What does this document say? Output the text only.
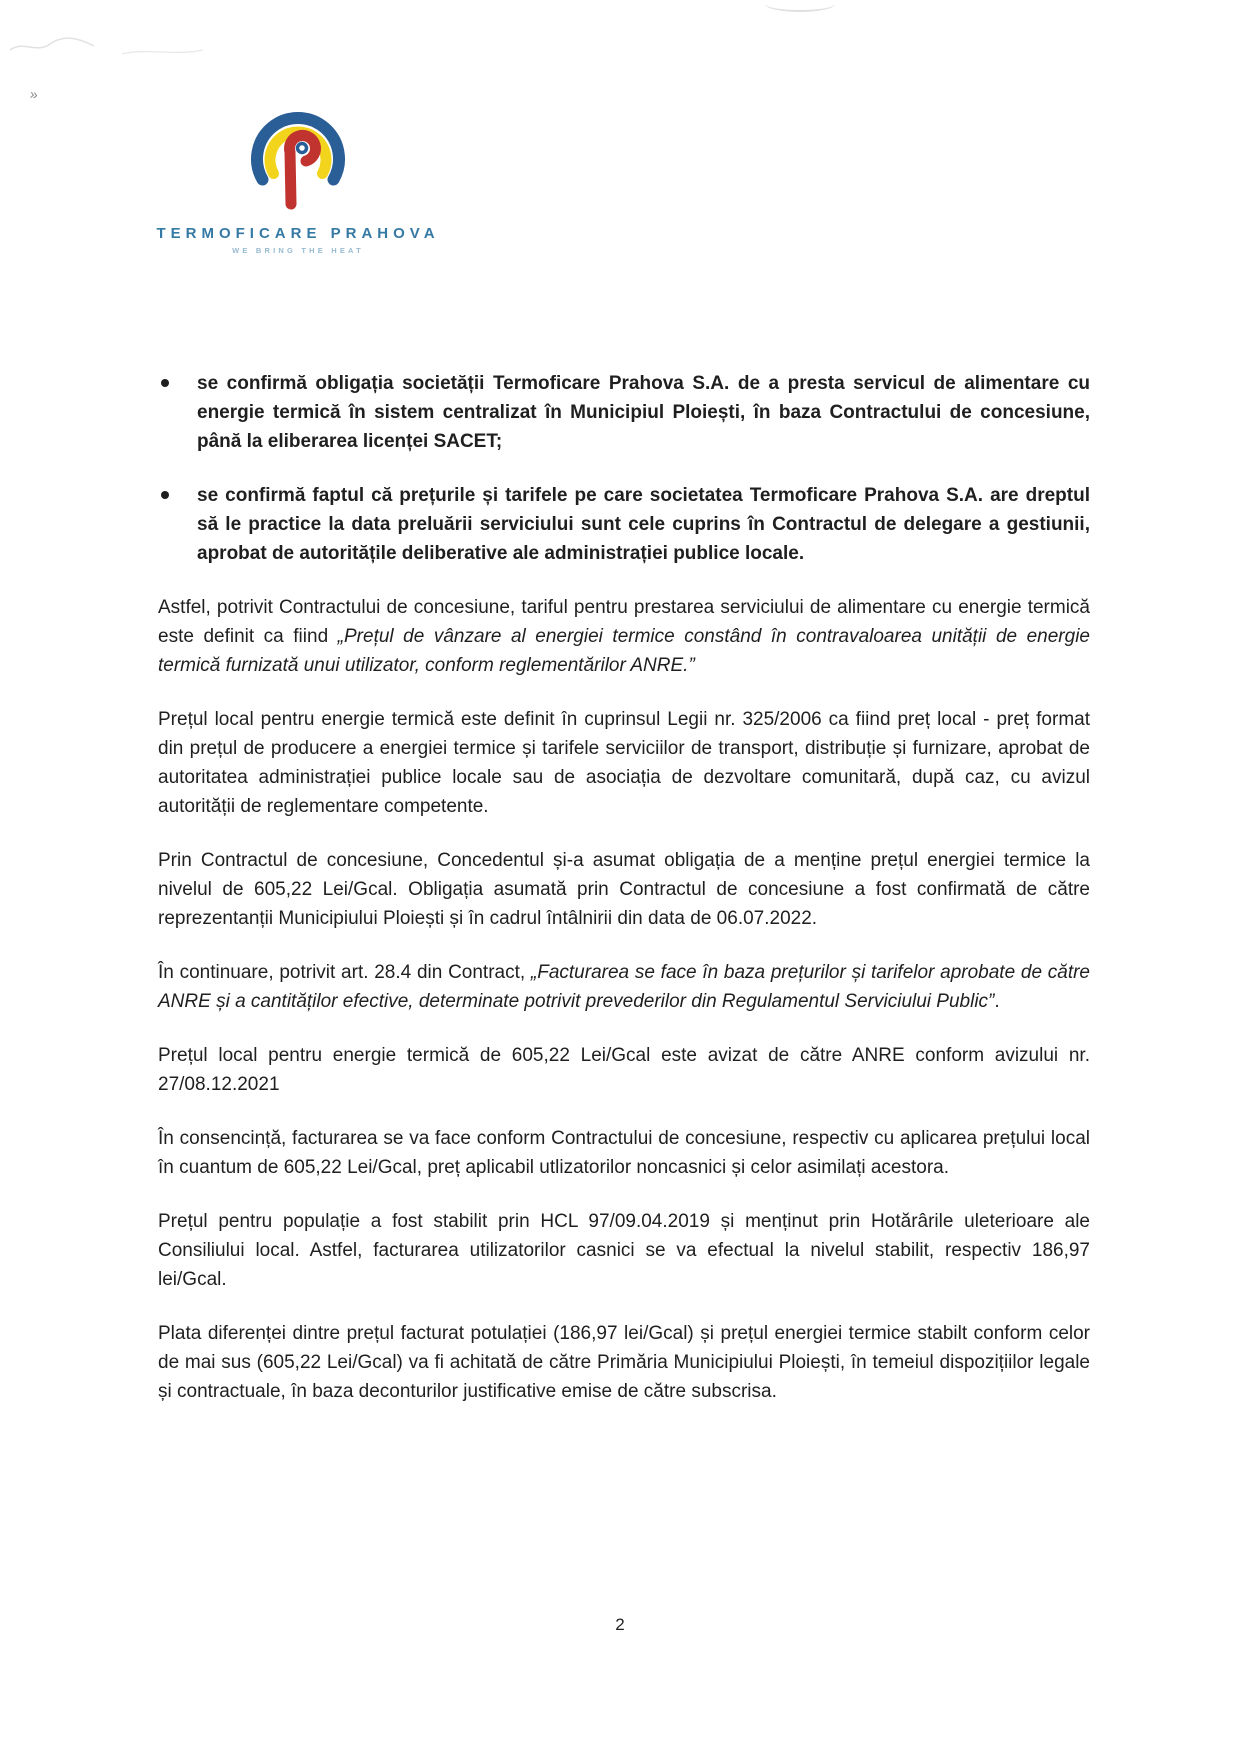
»
TERMOFICARE PRAHOVA
WE BRING THE HEAT
se confirmă obligația societății Termoficare Prahova S.A. de a presta servicul de alimentare cu energie termică în sistem centralizat în Municipiul Ploiești, în baza Contractului de concesiune, până la eliberarea licenței SACET;
se confirmă faptul că prețurile și tarifele pe care societatea Termoficare Prahova S.A. are dreptul să le practice la data preluării serviciului sunt cele cuprins în Contractul de delegare a gestiunii, aprobat de autoritățile deliberative ale administrației publice locale.

Astfel, potrivit Contractului de concesiune, tariful pentru prestarea serviciului de alimentare cu energie termică este definit ca fiind „Prețul de vânzare al energiei termice constând în contravaloarea unității de energie termică furnizată unui utilizator, conform reglementărilor ANRE.”

Prețul local pentru energie termică este definit în cuprinsul Legii nr. 325/2006 ca fiind preț local - preț format din prețul de producere a energiei termice și tarifele serviciilor de transport, distribuție și furnizare, aprobat de autoritatea administrației publice locale sau de asociația de dezvoltare comunitară, după caz, cu avizul autorității de reglementare competente.

Prin Contractul de concesiune, Concedentul și-a asumat obligația de a menține prețul energiei termice la nivelul de 605,22 Lei/Gcal. Obligația asumată prin Contractul de concesiune a fost confirmată de către reprezentanții Municipiului Ploiești și în cadrul întâlnirii din data de 06.07.2022.

În continuare, potrivit art. 28.4 din Contract, „Facturarea se face în baza prețurilor și tarifelor aprobate de către ANRE și a cantităților efective, determinate potrivit prevederilor din Regulamentul Serviciului Public”.

Prețul local pentru energie termică de 605,22 Lei/Gcal este avizat de către ANRE conform avizului nr. 27/08.12.2021

În consencință, facturarea se va face conform Contractului de concesiune, respectiv cu aplicarea prețului local în cuantum de 605,22 Lei/Gcal, preț aplicabil utlizatorilor noncasnici și celor asimilați acestora.

Prețul pentru populație a fost stabilit prin HCL 97/09.04.2019 și menținut prin Hotărârile uleterioare ale Consiliului local. Astfel, facturarea utilizatorilor casnici se va efectual la nivelul stabilit, respectiv 186,97 lei/Gcal.

Plata diferenței dintre prețul facturat potulației (186,97 lei/Gcal) și prețul energiei termice stabilt conform celor de mai sus (605,22 Lei/Gcal) va fi achitată de către Primăria Municipiului Ploiești, în temeiul dispozițiilor legale și contractuale, în baza deconturilor justificative emise de către subscrisa.

2
